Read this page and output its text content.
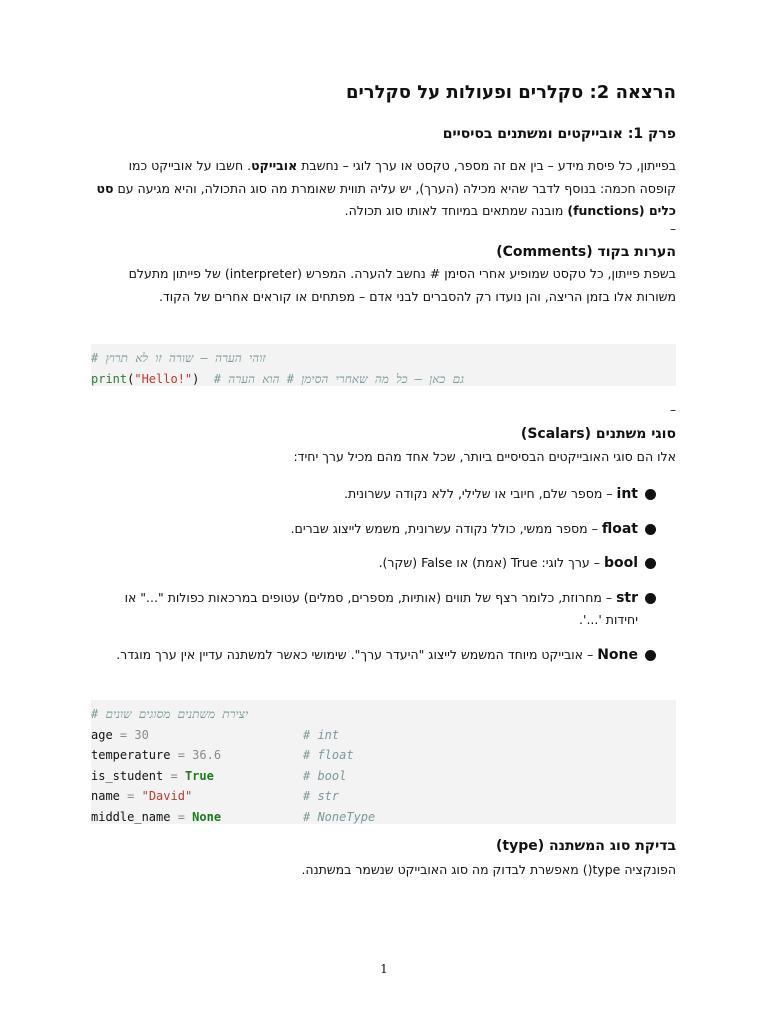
הרצאה 2: סקלרים ופעולות על סקלרים
פרק 1: אובייקטים ומשתנים בסיסיים

בפייתון, כל פיסת מידע – בין אם זה מספר, טקסט או ערך לוגי – נחשבת אובייקט. חשבו על אובייקט כמו קופסה חכמה: בנוסף לדבר שהיא מכילה (הערך), יש עליה תווית שאומרת מה סוג התכולה, והיא מגיעה עם סט כלים (functions) מובנה שמתאים במיוחד לאותו סוג תכולה.

–
הערות בקוד (Comments)

בשפת פייתון, כל טקסט שמופיע אחרי הסימן # נחשב להערה. המפרש (interpreter) של פייתון מתעלם משורות אלו בזמן הריצה, והן נועדו רק להסברים לבני אדם – מפתחים או קוראים אחרים של הקוד.

# זוהי הערה – שורה זו לא תרוץ
print("Hello!") # גם כאן – כל מה שאחרי הסימן # הוא הערה
–
סוגי משתנים (Scalars)

אלו הם סוגי האובייקטים הבסיסיים ביותר, שכל אחד מהם מכיל ערך יחיד:

int – מספר שלם, חיובי או שלילי, ללא נקודה עשרונית.
float – מספר ממשי, כולל נקודה עשרונית, משמש לייצוג שברים.
bool – ערך לוגי: True (אמת) או False (שקר).
str – מחרוזת, כלומר רצף של תווים (אותיות, מספרים, סמלים) עטופים במרכאות כפולות "..." או יחידות '...'.
None – אובייקט מיוחד המשמש לייצוג "היעדר ערך". שימושי כאשר למשתנה עדיין אין ערך מוגדר.
# יצירת משתנים מסוגים שונים
age = 30	# int
temperature = 36.6	# float
is_student = True	# bool
name = "David"	# str
middle_name = None	# NoneType
בדיקת סוג המשתנה (type)

הפונקציה type() מאפשרת לבדוק מה סוג האובייקט שנשמר במשתנה.

1
